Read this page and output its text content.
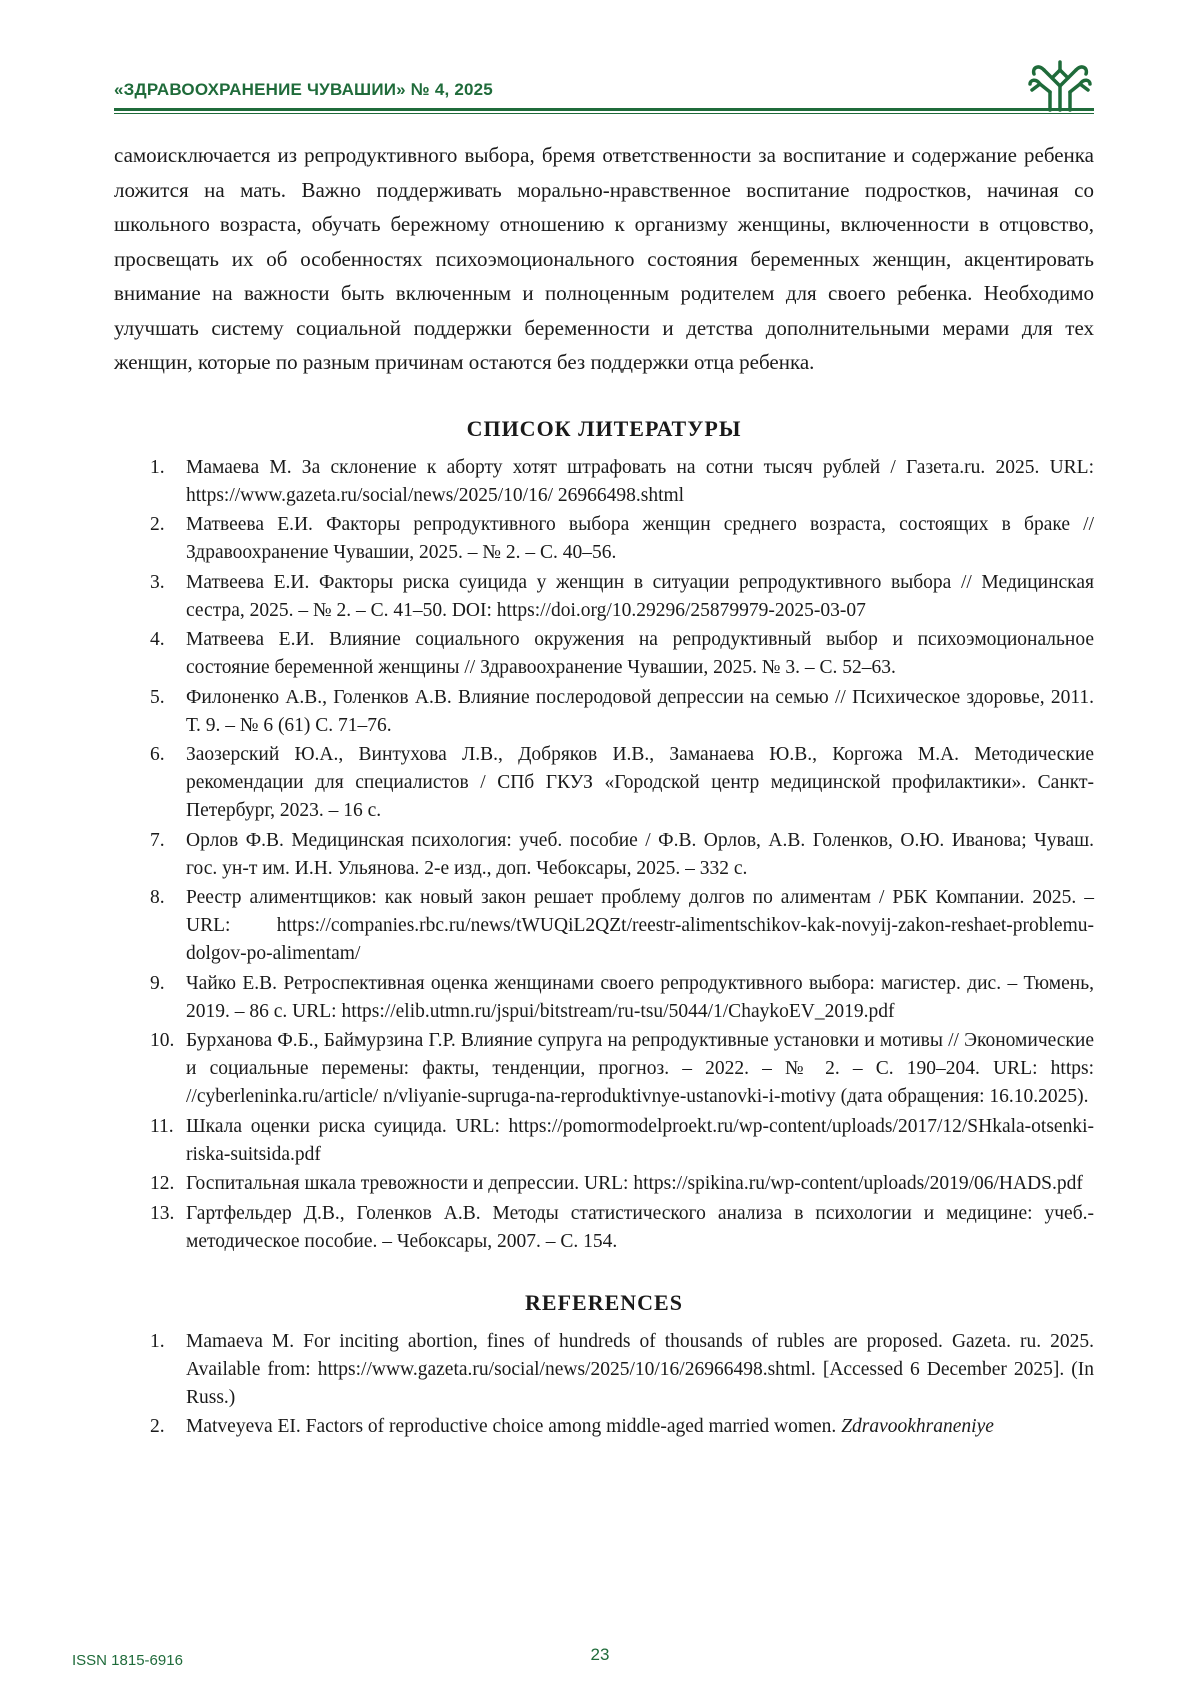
«ЗДРАВООХРАНЕНИЕ ЧУВАШИИ» № 4, 2025

самоисключается из репродуктивного выбора, бремя ответственности за воспитание и содержание ребенка ложится на мать. Важно поддерживать морально-нравственное воспитание подростков, начиная со школьного возраста, обучать бережному отношению к организму женщины, включенности в отцовство, просвещать их об особенностях психоэмоционального состояния беременных женщин, акцентировать внимание на важности быть включенным и полноценным родителем для своего ребенка. Необходимо улучшать систему социальной поддержки беременности и детства дополнительными мерами для тех женщин, которые по разным причинам остаются без поддержки отца ребенка.

СПИСОК ЛИТЕРАТУРЫ
1. Мамаева М. За склонение к аборту хотят штрафовать на сотни тысяч рублей / Газета.ru. 2025. URL: https://www.gazeta.ru/social/news/2025/10/16/ 26966498.shtml
2. Матвеева Е.И. Факторы репродуктивного выбора женщин среднего возраста, состоящих в браке // Здравоохранение Чувашии, 2025. – № 2. – С. 40–56.
3. Матвеева Е.И. Факторы риска суицида у женщин в ситуации репродуктивного выбора // Медицинская сестра, 2025. – № 2. – С. 41–50. DOI: https://doi.org/10.29296/25879979-2025-03-07
4. Матвеева Е.И. Влияние социального окружения на репродуктивный выбор и психоэмоциональное состояние беременной женщины // Здравоохранение Чувашии, 2025. № 3. – С. 52–63.
5. Филоненко А.В., Голенков А.В. Влияние послеродовой депрессии на семью // Психическое здоровье, 2011. Т. 9. – № 6 (61) С. 71–76.
6. Заозерский Ю.А., Винтухова Л.В., Добряков И.В., Заманаева Ю.В., Коргожа М.А. Методические рекомендации для специалистов / СПб ГКУЗ «Городской центр медицинской профилактики». Санкт-Петербург, 2023. – 16 с.
7. Орлов Ф.В. Медицинская психология: учеб. пособие / Ф.В. Орлов, А.В. Голенков, О.Ю. Иванова; Чуваш. гос. ун-т им. И.Н. Ульянова. 2-е изд., доп. Чебоксары, 2025. – 332 с.
8. Реестр алиментщиков: как новый закон решает проблему долгов по алиментам / РБК Компании. 2025. – URL: https://companies.rbc.ru/news/tWUQiL2QZt/reestr-alimentschikov-kak-novyij-zakon-reshaet-problemu-dolgov-po-alimentam/
9. Чайко Е.В. Ретроспективная оценка женщинами своего репродуктивного выбора: магистер. дис. – Тюмень, 2019. – 86 с. URL: https://elib.utmn.ru/jspui/bitstream/ru-tsu/5044/1/ChaykoEV_2019.pdf
10. Бурханова Ф.Б., Баймурзина Г.Р. Влияние супруга на репродуктивные установки и мотивы // Экономические и социальные перемены: факты, тенденции, прогноз. – 2022. – № 2. – С. 190–204. URL: https: //cyberleninka.ru/article/ n/vliyanie-supruga-na-reproduktivnye-ustanovki-i-motivy (дата обращения: 16.10.2025).
11. Шкала оценки риска суицида. URL: https://pomormodelproekt.ru/wp-content/uploads/2017/12/SHkala-otsenki-riska-suitsida.pdf
12. Госпитальная шкала тревожности и депрессии. URL: https://spikina.ru/wp-content/uploads/2019/06/HADS.pdf
13. Гартфельдер Д.В., Голенков А.В. Методы статистического анализа в психологии и медицине: учеб.-методическое пособие. – Чебоксары, 2007. – С. 154.
REFERENCES
1. Mamaeva M. For inciting abortion, fines of hundreds of thousands of rubles are proposed. Gazeta. ru. 2025. Available from: https://www.gazeta.ru/social/news/2025/10/16/26966498.shtml. [Accessed 6 December 2025]. (In Russ.)
2. Matveyeva EI. Factors of reproductive choice among middle-aged married women. Zdravookhraneniye
ISSN 1815-6916	23
